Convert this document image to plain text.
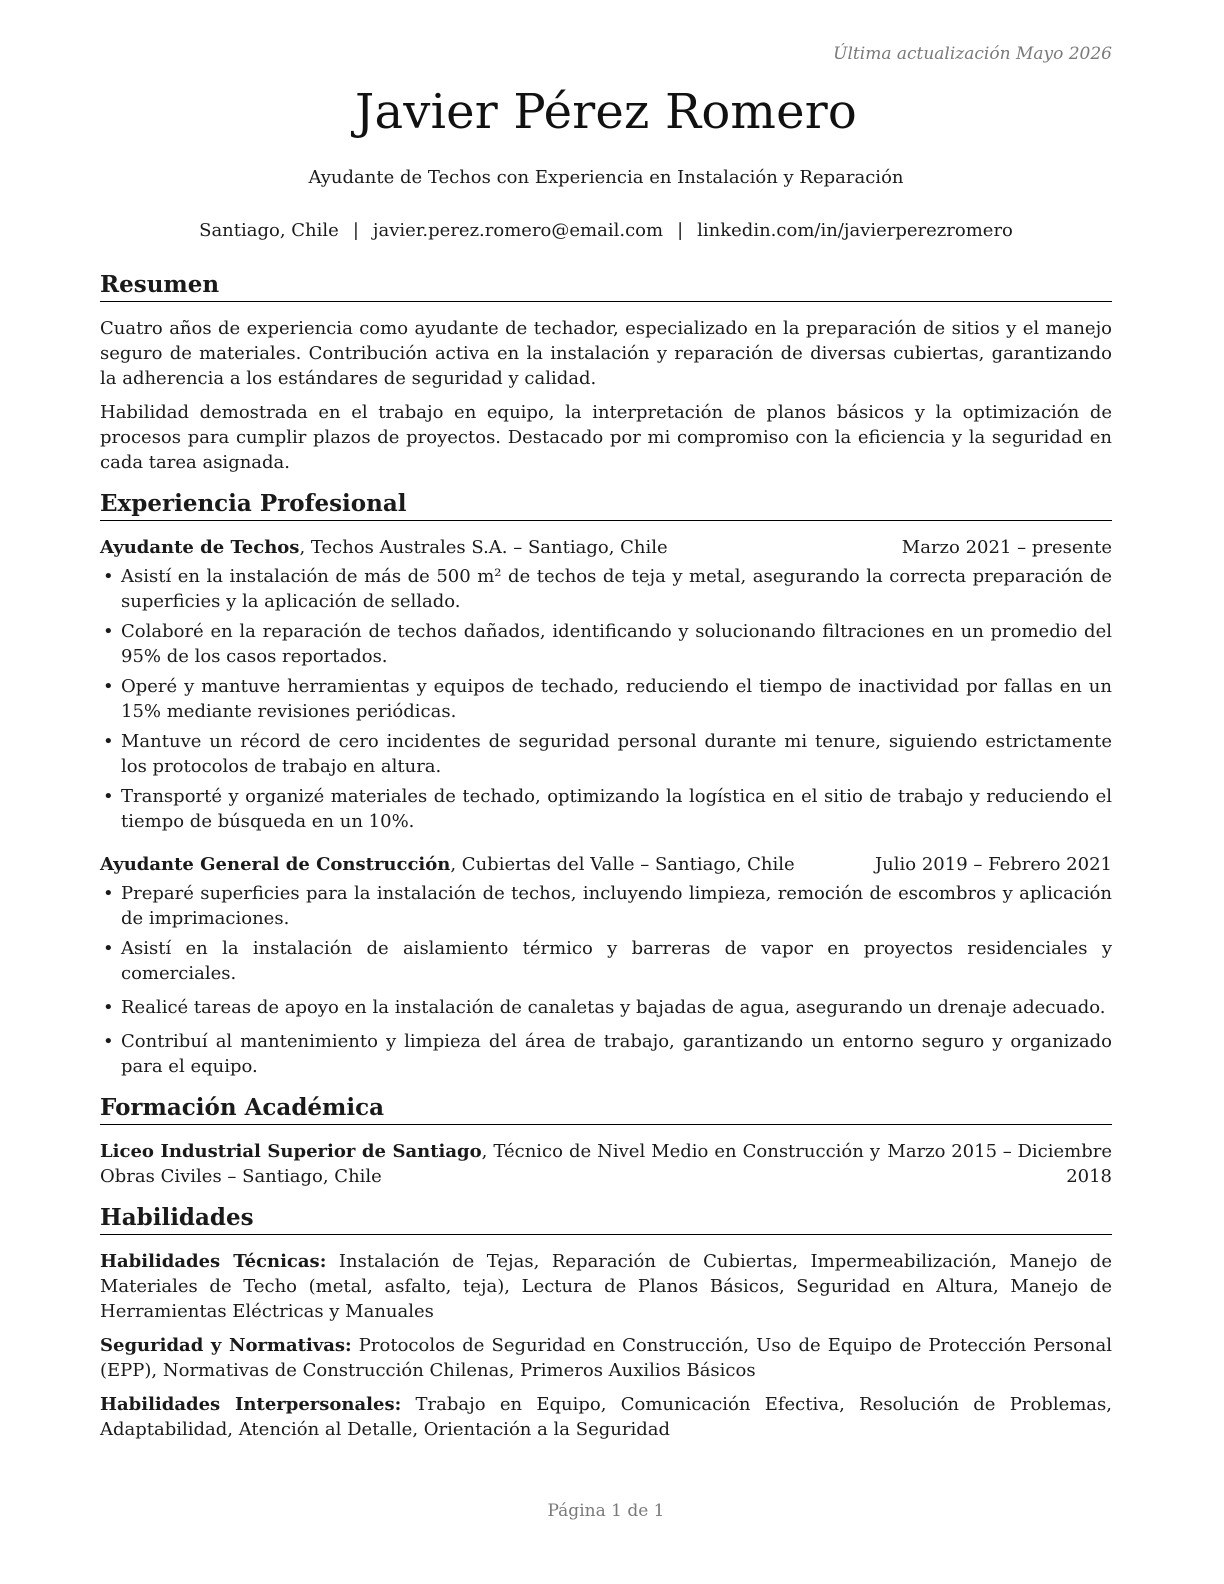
Última actualización Mayo 2026
Javier Pérez Romero
Ayudante de Techos con Experiencia en Instalación y Reparación
Santiago, Chile | javier.perez.romero@email.com | linkedin.com/in/javierperezromero
Resumen

Cuatro años de experiencia como ayudante de techador, especializado en la preparación de sitios y el manejo seguro de materiales. Contribución activa en la instalación y reparación de diversas cubiertas, garantizando la adherencia a los estándares de seguridad y calidad.

Habilidad demostrada en el trabajo en equipo, la interpretación de planos básicos y la optimización de procesos para cumplir plazos de proyectos. Destacado por mi compromiso con la eficiencia y la seguridad en cada tarea asignada.

Experiencia Profesional
Ayudante de Techos, Techos Australes S.A. – Santiago, Chile	Marzo 2021 – presente
• Asistí en la instalación de más de 500 m² de techos de teja y metal, asegurando la correcta preparación de superficies y la aplicación de sellado.
• Colaboré en la reparación de techos dañados, identificando y solucionando filtraciones en un promedio del 95% de los casos reportados.
• Operé y mantuve herramientas y equipos de techado, reduciendo el tiempo de inactividad por fallas en un 15% mediante revisiones periódicas.
• Mantuve un récord de cero incidentes de seguridad personal durante mi tenure, siguiendo estrictamente los protocolos de trabajo en altura.
• Transporté y organizé materiales de techado, optimizando la logística en el sitio de trabajo y reduciendo el tiempo de búsqueda en un 10%.
Ayudante General de Construcción, Cubiertas del Valle – Santiago, Chile	Julio 2019 – Febrero 2021
• Preparé superficies para la instalación de techos, incluyendo limpieza, remoción de escombros y aplicación de imprimaciones.
• Asistí en la instalación de aislamiento térmico y barreras de vapor en proyectos residenciales y comerciales.
• Realicé tareas de apoyo en la instalación de canaletas y bajadas de agua, asegurando un drenaje adecuado.
• Contribuí al mantenimiento y limpieza del área de trabajo, garantizando un entorno seguro y organizado para el equipo.
Formación Académica
Liceo Industrial Superior de Santiago, Técnico de Nivel Medio en Construcción y Obras Civiles – Santiago, Chile
Marzo 2015 – Diciembre 2018
Habilidades

Habilidades Técnicas: Instalación de Tejas, Reparación de Cubiertas, Impermeabilización, Manejo de Materiales de Techo (metal, asfalto, teja), Lectura de Planos Básicos, Seguridad en Altura, Manejo de Herramientas Eléctricas y Manuales

Seguridad y Normativas: Protocolos de Seguridad en Construcción, Uso de Equipo de Protección Personal (EPP), Normativas de Construcción Chilenas, Primeros Auxilios Básicos

Habilidades Interpersonales: Trabajo en Equipo, Comunicación Efectiva, Resolución de Problemas, Adaptabilidad, Atención al Detalle, Orientación a la Seguridad

Página 1 de 1
